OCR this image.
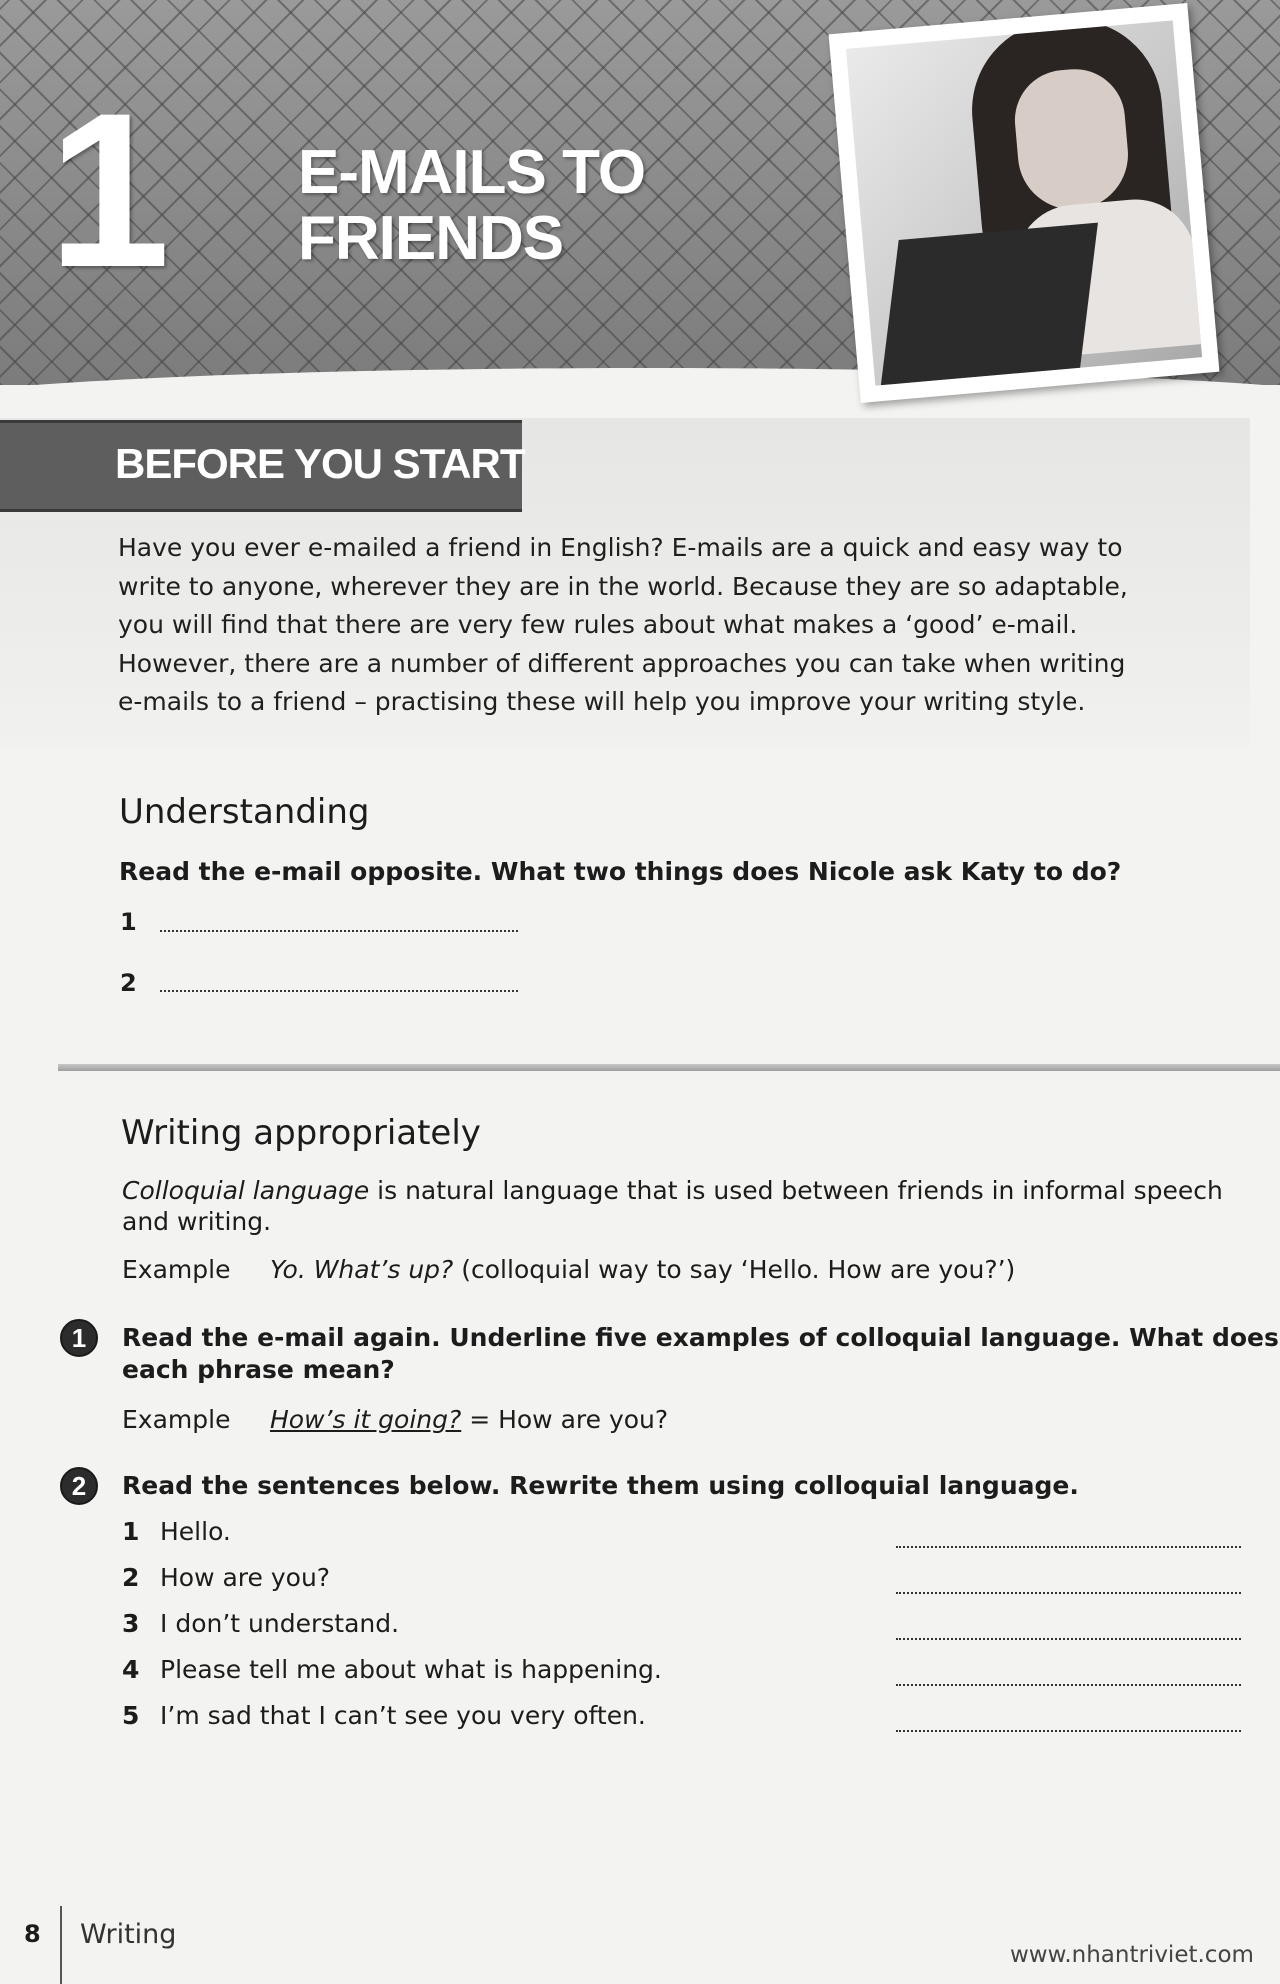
1 E-MAILS TO
FRIENDS
BEFORE YOU START
Have you ever e-mailed a friend in English? E-mails are a quick and easy way to
write to anyone, wherever they are in the world. Because they are so adaptable,
you will find that there are very few rules about what makes a ‘good’ e-mail.
However, there are a number of different approaches you can take when writing
e-mails to a friend – practising these will help you improve your writing style.
Understanding
Read the e-mail opposite. What two things does Nicole ask Katy to do?
1
2
Writing appropriately
Colloquial language is natural language that is used between friends in informal speech
and writing.
Example Yo. What’s up? (colloquial way to say ‘Hello. How are you?’)
1	Read the e-mail again. Underline five examples of colloquial language. What does
each phrase mean?
Example How’s it going? = How are you?
2	Read the sentences below. Rewrite them using colloquial language.
1 Hello.
2 How are you?
3 I don’t understand.
4 Please tell me about what is happening.
5 I’m sad that I can’t see you very often.
8 Writing
www.nhantriviet.com
